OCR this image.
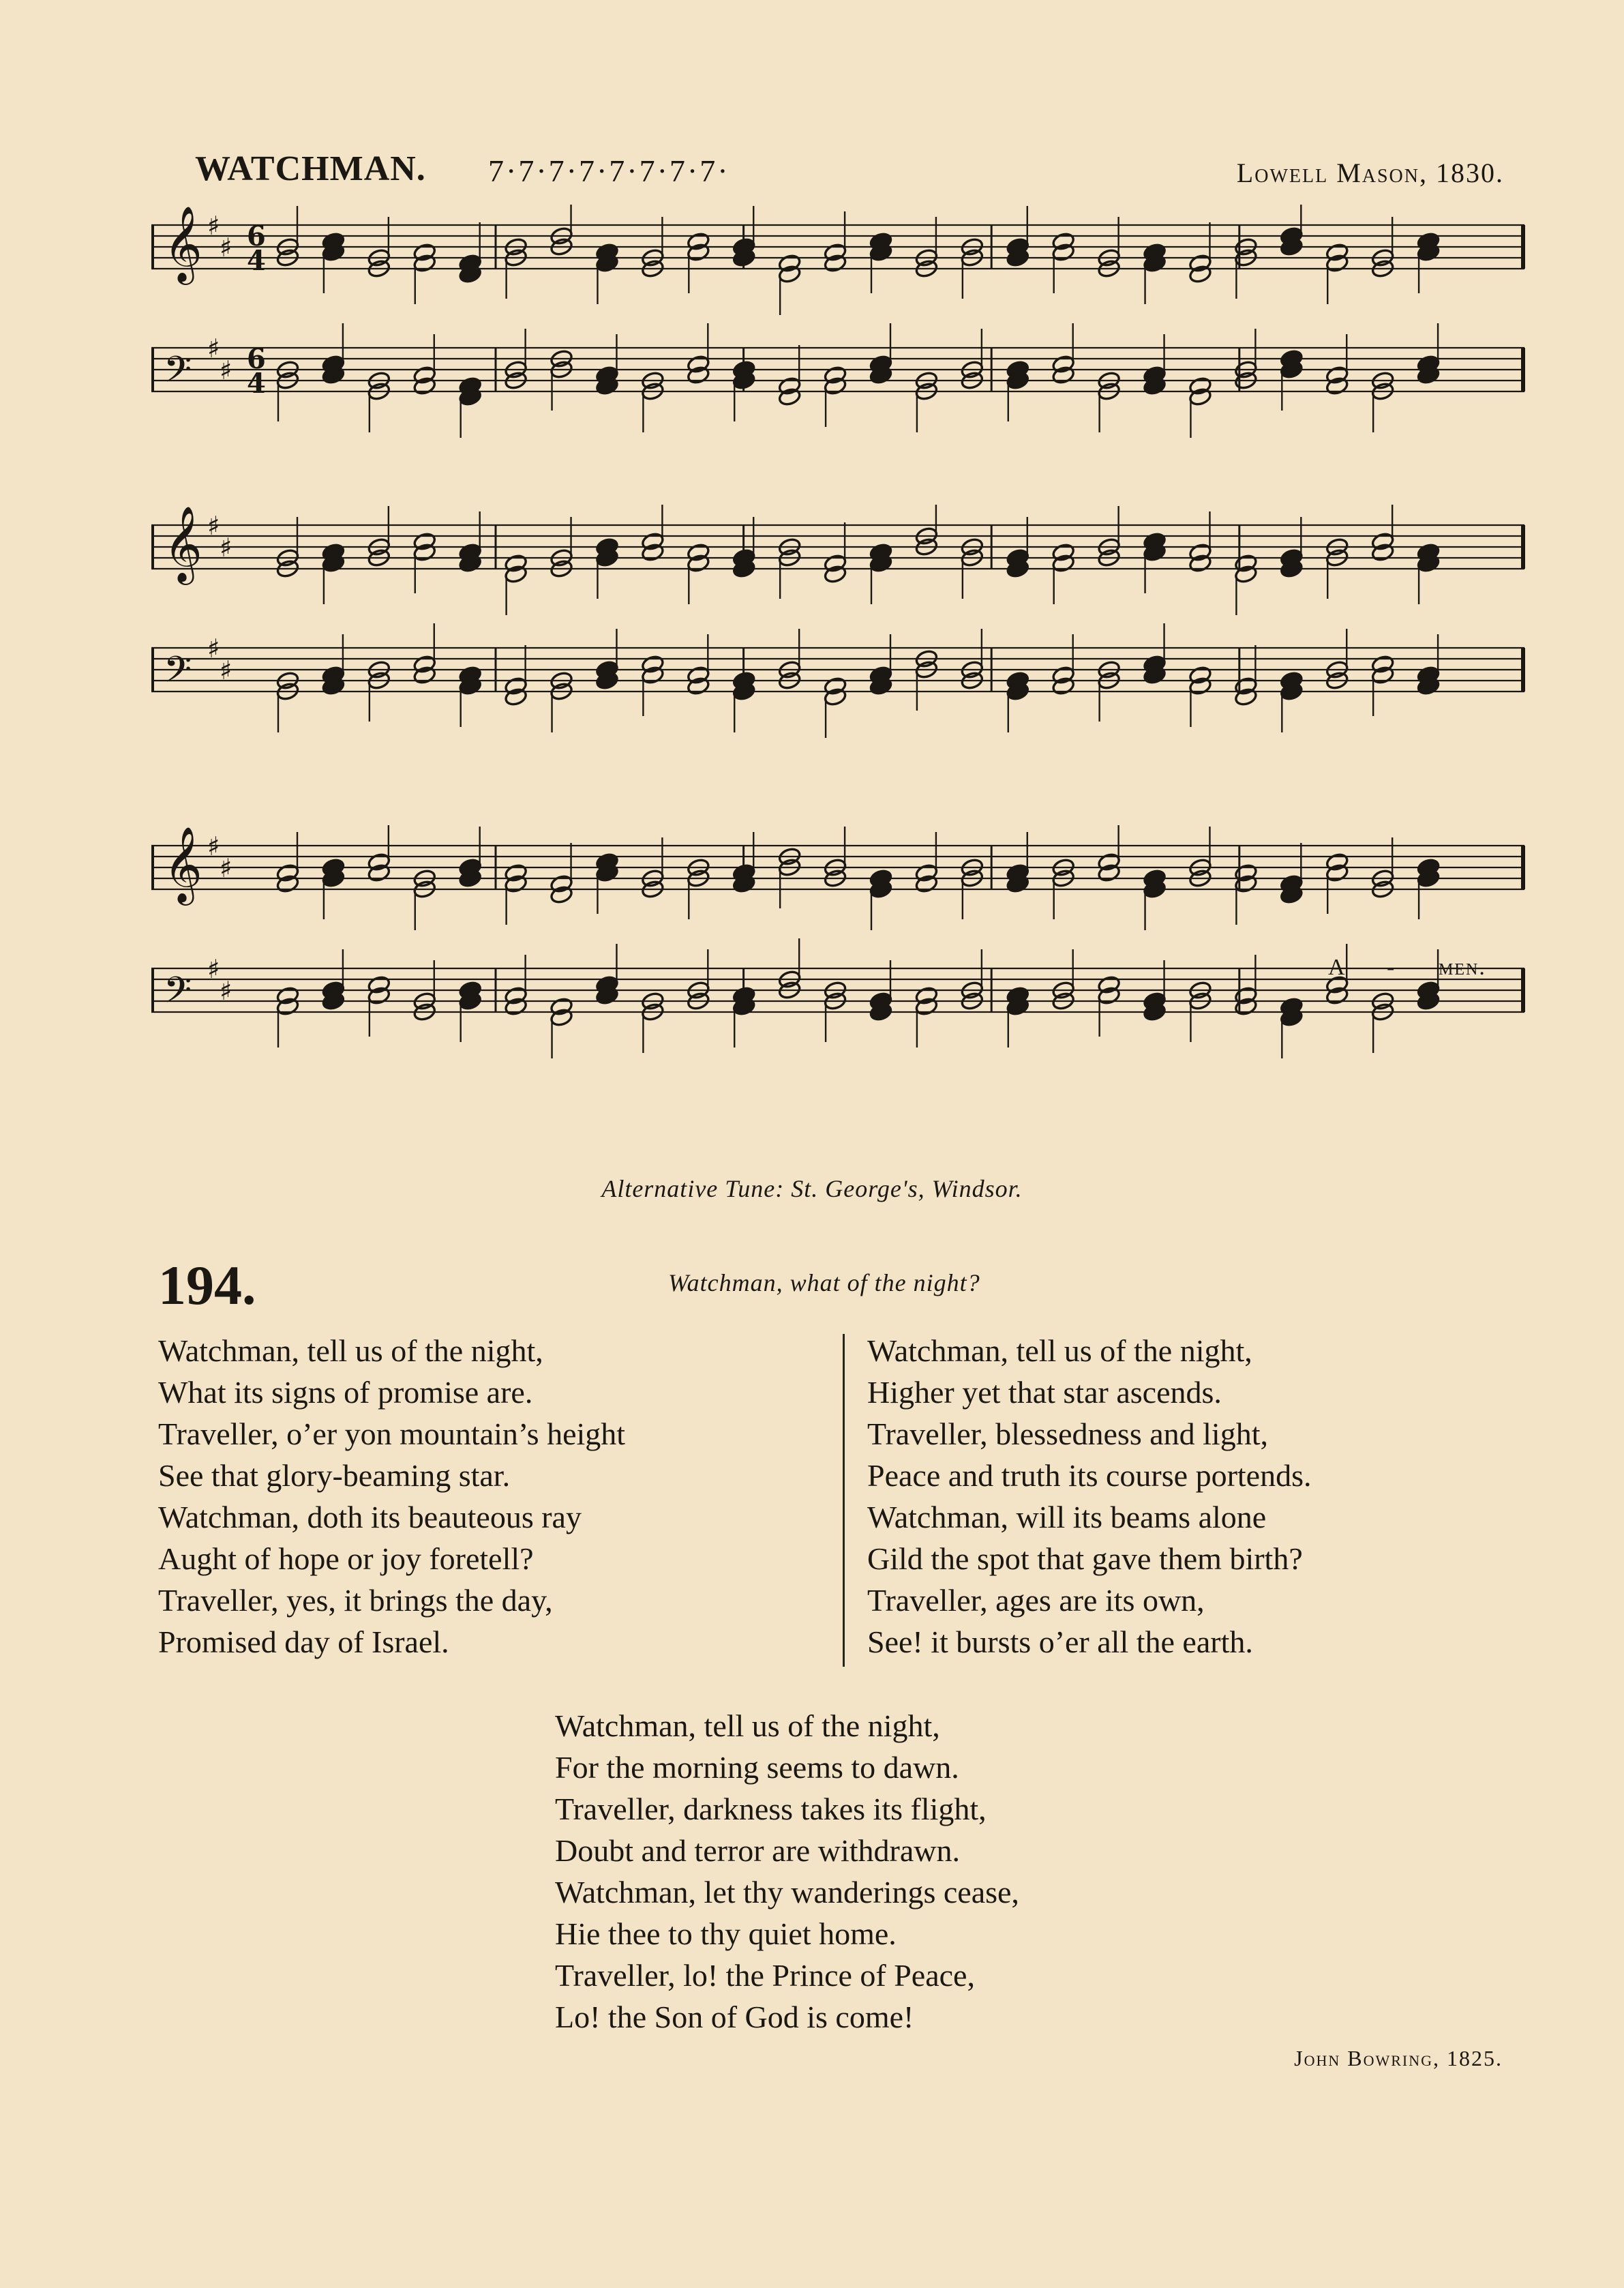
WATCHMAN. 7·7·7·7·7·7·7·7·	Lowell Mason, 1830.
𝄞 ♯
♯ 6
4
𝄢
♯
♯ 6
4
𝄞 ♯
♯
𝄢
♯
♯
𝄞 ♯
♯
𝄢
♯
♯
A - men.
Alternative Tune: St. George's, Windsor.
194.	Watchman, what of the night?
Watchman, tell us of the night,
What its signs of promise are.
Traveller, o’er yon mountain’s height
See that glory-beaming star.
Watchman, doth its beauteous ray
Aught of hope or joy foretell?
Traveller, yes, it brings the day,
Promised day of Israel.
Watchman, tell us of the night,
Higher yet that star ascends.
Traveller, blessedness and light,
Peace and truth its course portends.
Watchman, will its beams alone
Gild the spot that gave them birth?
Traveller, ages are its own,
See! it bursts o’er all the earth.
Watchman, tell us of the night,
For the morning seems to dawn.
Traveller, darkness takes its flight,
Doubt and terror are withdrawn.
Watchman, let thy wanderings cease,
Hie thee to thy quiet home.
Traveller, lo! the Prince of Peace,
Lo! the Son of God is come!
John Bowring, 1825.
